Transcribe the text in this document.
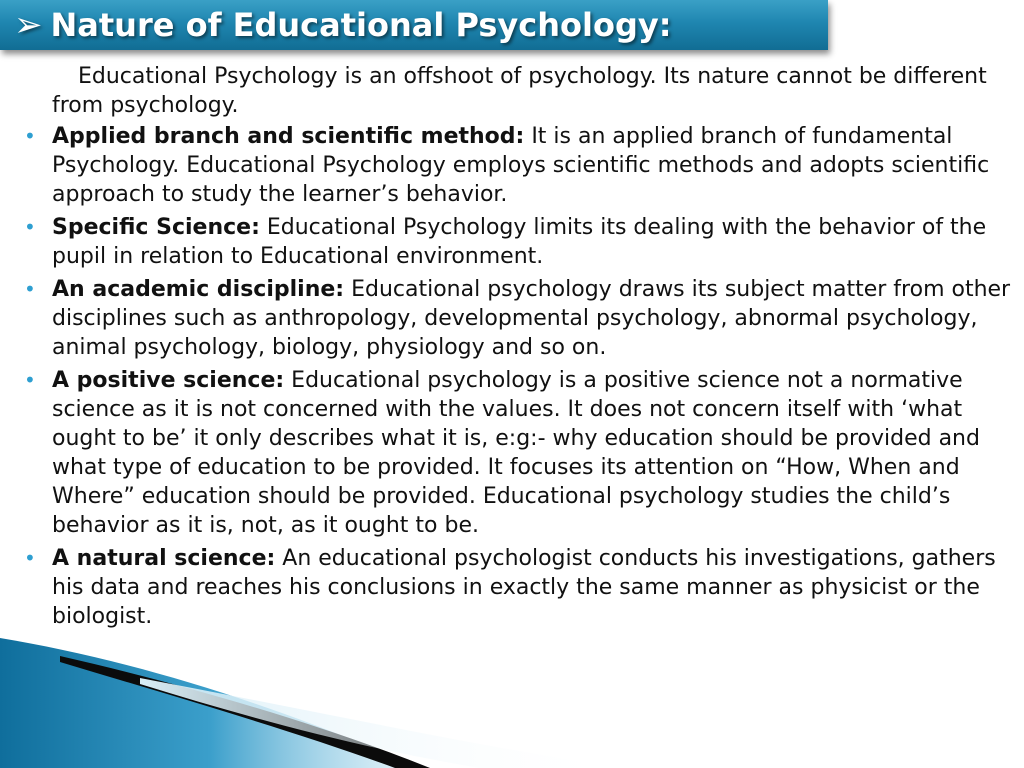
➢ Nature of Educational Psychology:

Educational Psychology is an offshoot of psychology. Its nature cannot be different from psychology.

• Applied branch and scientific method: It is an applied branch of fundamental Psychology. Educational Psychology employs scientific methods and adopts scientific approach to study the learner’s behavior.
• Specific Science: Educational Psychology limits its dealing with the behavior of the pupil in relation to Educational environment.
• An academic discipline: Educational psychology draws its subject matter from other disciplines such as anthropology, developmental psychology, abnormal psychology, animal psychology, biology, physiology and so on.
• A positive science: Educational psychology is a positive science not a normative science as it is not concerned with the values. It does not concern itself with ‘what ought to be’ it only describes what it is, e:g:- why education should be provided and what type of education to be provided. It focuses its attention on “How, When and Where” education should be provided. Educational psychology studies the child’s behavior as it is, not, as it ought to be.
• A natural science: An educational psychologist conducts his investigations, gathers his data and reaches his conclusions in exactly the same manner as physicist or the biologist.
